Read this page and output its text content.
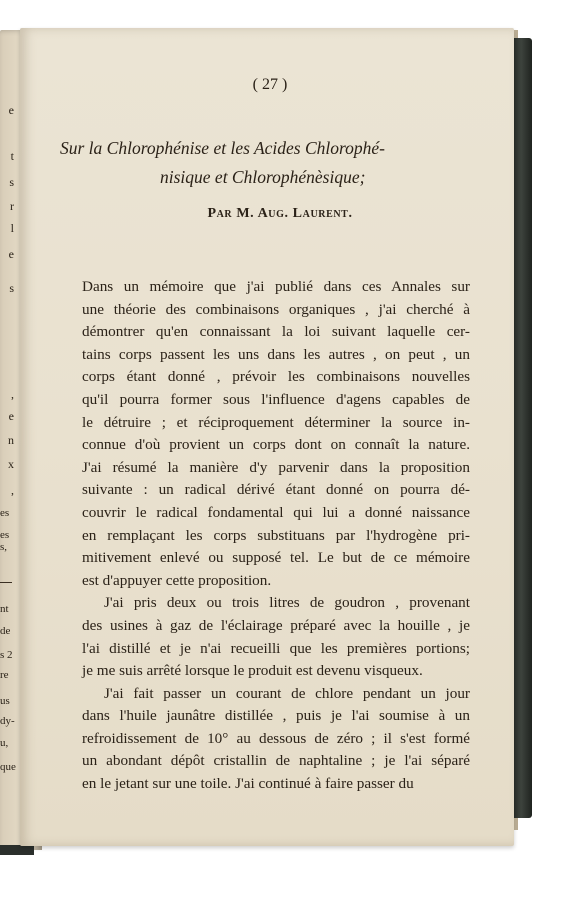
e
t
s
r
l
e
s
,
e
n
x
,
es
es
s,
nt
de
s 2
re
us
dy-
u,
que
( 27 )
Sur la Chlorophénise et les Acides Chlorophé-
nisique et Chlorophénèsique;
Par M. Aug. Laurent.
Dans un mémoire que j'ai publié dans ces Annales sur
une théorie des combinaisons organiques , j'ai cherché à
démontrer qu'en connaissant la loi suivant laquelle cer-
tains corps passent les uns dans les autres , on peut , un
corps étant donné , prévoir les combinaisons nouvelles
qu'il pourra former sous l'influence d'agens capables de
le détruire ; et réciproquement déterminer la source in-
connue d'où provient un corps dont on connaît la nature.
J'ai résumé la manière d'y parvenir dans la proposition
suivante : un radical dérivé étant donné on pourra dé-
couvrir le radical fondamental qui lui a donné naissance
en remplaçant les corps substituans par l'hydrogène pri-
mitivement enlevé ou supposé tel. Le but de ce mémoire
est d'appuyer cette proposition.
J'ai pris deux ou trois litres de goudron , provenant
des usines à gaz de l'éclairage préparé avec la houille , je
l'ai distillé et je n'ai recueilli que les premières portions;
je me suis arrêté lorsque le produit est devenu visqueux.
J'ai fait passer un courant de chlore pendant un jour
dans l'huile jaunâtre distillée , puis je l'ai soumise à un
refroidissement de 10° au dessous de zéro ; il s'est formé
un abondant dépôt cristallin de naphtaline ; je l'ai séparé
en le jetant sur une toile. J'ai continué à faire passer du
